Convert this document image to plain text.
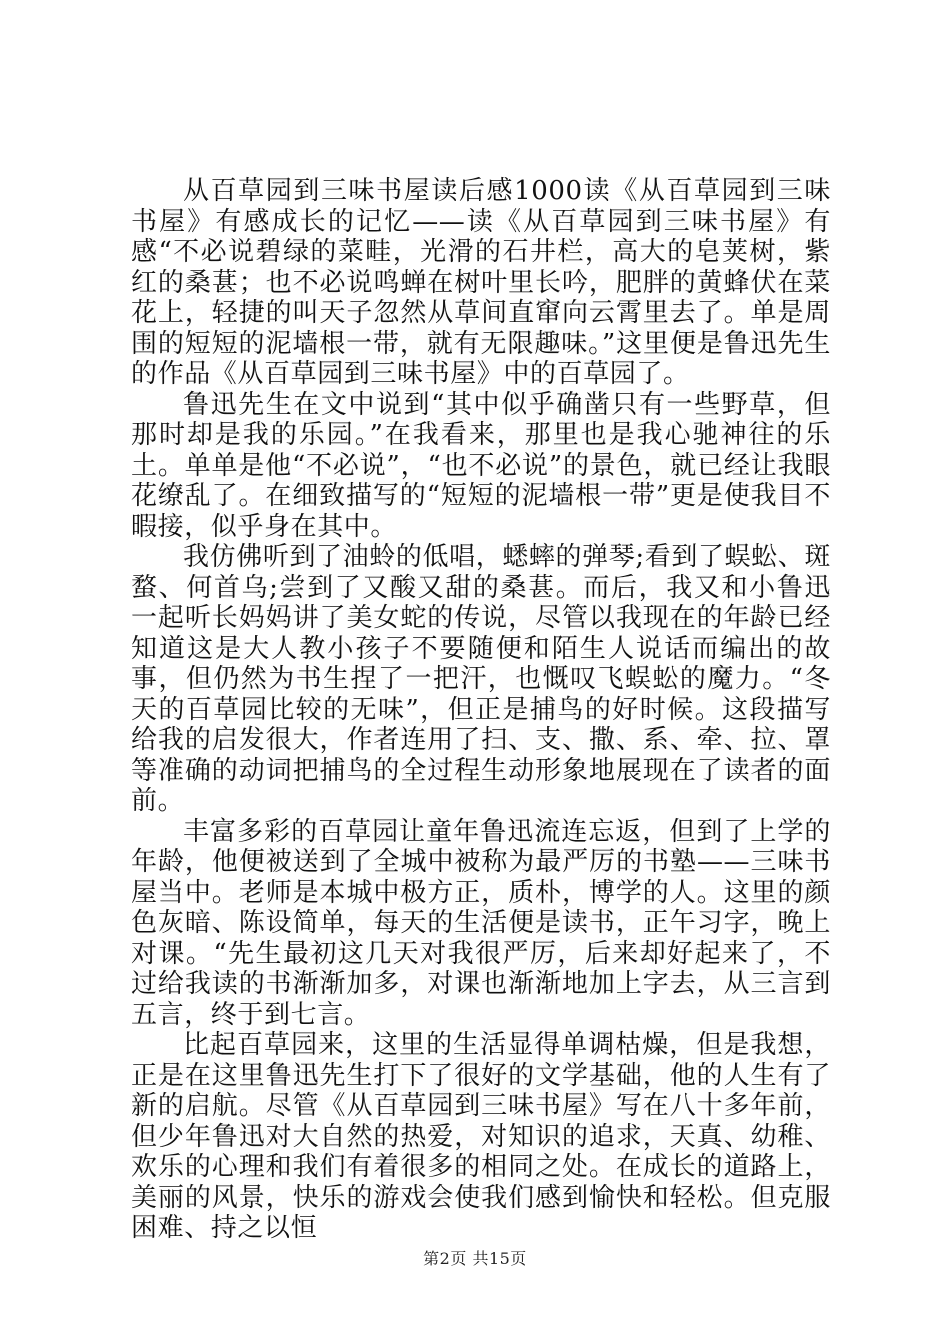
从百草园到三味书屋读后感1000读《从百草园到三味书屋》有感成长的记忆——读《从百草园到三味书屋》有感“不必说碧绿的菜畦，光滑的石井栏，高大的皂荚树，紫红的桑葚；也不必说鸣蝉在树叶里长吟，肥胖的黄蜂伏在菜花上，轻捷的叫天子忽然从草间直窜向云霄里去了。单是周围的短短的泥墙根一带，就有无限趣味。”这里便是鲁迅先生的作品《从百草园到三味书屋》中的百草园了。

鲁迅先生在文中说到“其中似乎确凿只有一些野草，但那时却是我的乐园。”在我看来，那里也是我心驰神往的乐土。单单是他“不必说”，“也不必说”的景色，就已经让我眼花缭乱了。在细致描写的“短短的泥墙根一带”更是使我目不暇接，似乎身在其中。

我仿佛听到了油蛉的低唱，蟋蟀的弹琴;看到了蜈蚣、斑蝥、何首乌;尝到了又酸又甜的桑葚。而后，我又和小鲁迅一起听长妈妈讲了美女蛇的传说，尽管以我现在的年龄已经知道这是大人教小孩子不要随便和陌生人说话而编出的故事，但仍然为书生捏了一把汗，也慨叹飞蜈蚣的魔力。“冬天的百草园比较的无味”，但正是捕鸟的好时候。这段描写给我的启发很大，作者连用了扫、支、撒、系、牵、拉、罩等准确的动词把捕鸟的全过程生动形象地展现在了读者的面前。

丰富多彩的百草园让童年鲁迅流连忘返，但到了上学的年龄，他便被送到了全城中被称为最严厉的书塾——三味书屋当中。老师是本城中极方正，质朴，博学的人。这里的颜色灰暗、陈设简单，每天的生活便是读书，正午习字，晚上对课。“先生最初这几天对我很严厉，后来却好起来了，不过给我读的书渐渐加多，对课也渐渐地加上字去，从三言到五言，终于到七言。

比起百草园来，这里的生活显得单调枯燥，但是我想，正是在这里鲁迅先生打下了很好的文学基础，他的人生有了新的启航。尽管《从百草园到三味书屋》写在八十多年前，但少年鲁迅对大自然的热爱，对知识的追求，天真、幼稚、欢乐的心理和我们有着很多的相同之处。在成长的道路上，美丽的风景，快乐的游戏会使我们感到愉快和轻松。但克服困难、持之以恒

第2页 共15页
